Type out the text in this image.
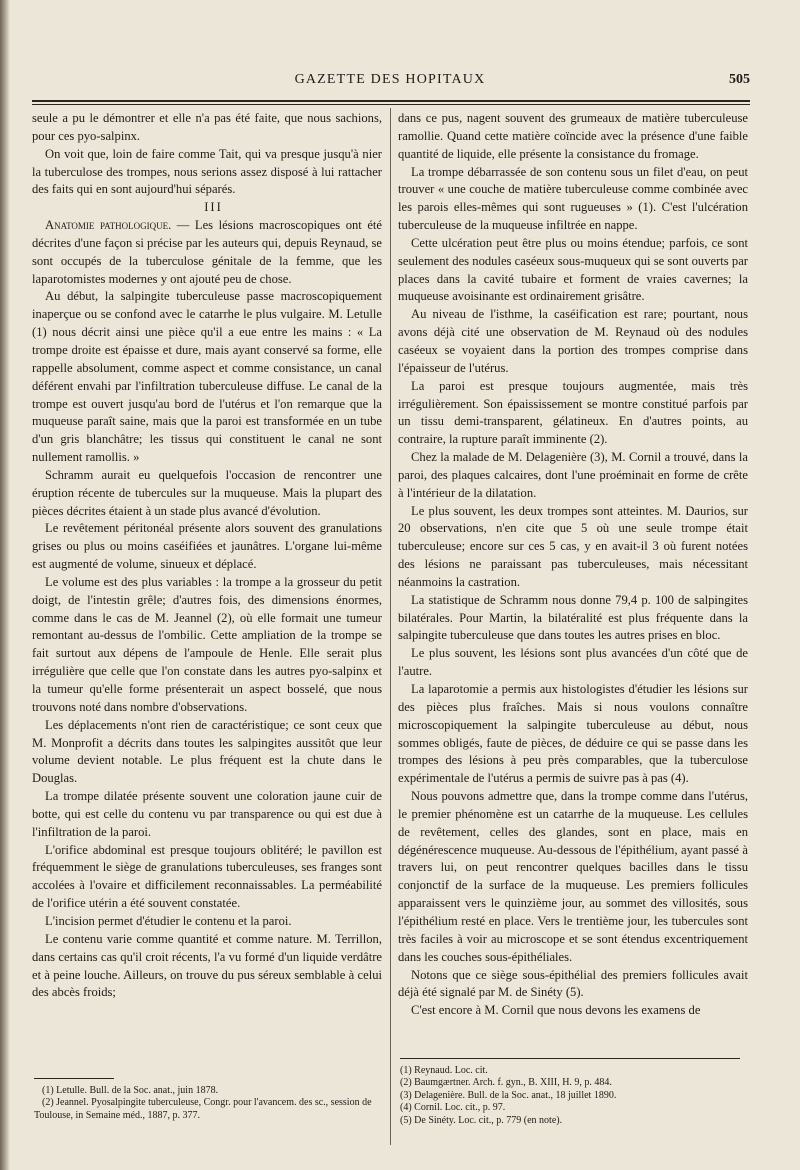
GAZETTE DES HOPITAUX	505

seule a pu le démontrer et elle n'a pas été faite, que nous sachions, pour ces pyo-salpinx.

On voit que, loin de faire comme Tait, qui va presque jusqu'à nier la tuberculose des trompes, nous serions assez disposé à lui rattacher des faits qui en sont aujourd'hui séparés.

III

Anatomie pathologique. — Les lésions macroscopiques ont été décrites d'une façon si précise par les auteurs qui, depuis Reynaud, se sont occupés de la tuberculose génitale de la femme, que les laparotomistes modernes y ont ajouté peu de chose.

Au début, la salpingite tuberculeuse passe macroscopiquement inaperçue ou se confond avec le catarrhe le plus vulgaire. M. Letulle (1) nous décrit ainsi une pièce qu'il a eue entre les mains : « La trompe droite est épaisse et dure, mais ayant conservé sa forme, elle rappelle absolument, comme aspect et comme consistance, un canal déférent envahi par l'infiltration tuberculeuse diffuse. Le canal de la trompe est ouvert jusqu'au bord de l'utérus et l'on remarque que la muqueuse paraît saine, mais que la paroi est transformée en un tube d'un gris blanchâtre; les tissus qui constituent le canal ne sont nullement ramollis. »

Schramm aurait eu quelquefois l'occasion de rencontrer une éruption récente de tubercules sur la muqueuse. Mais la plupart des pièces décrites étaient à un stade plus avancé d'évolution.

Le revêtement péritonéal présente alors souvent des granulations grises ou plus ou moins caséifiées et jaunâtres. L'organe lui-même est augmenté de volume, sinueux et déplacé.

Le volume est des plus variables : la trompe a la grosseur du petit doigt, de l'intestin grêle; d'autres fois, des dimensions énormes, comme dans le cas de M. Jeannel (2), où elle formait une tumeur remontant au-dessus de l'ombilic. Cette ampliation de la trompe se fait surtout aux dépens de l'ampoule de Henle. Elle serait plus irrégulière que celle que l'on constate dans les autres pyo-salpinx et la tumeur qu'elle forme présenterait un aspect bosselé, que nous trouvons noté dans nombre d'observations.

Les déplacements n'ont rien de caractéristique; ce sont ceux que M. Monprofit a décrits dans toutes les salpingites aussitôt que leur volume devient notable. Le plus fréquent est la chute dans le Douglas.

La trompe dilatée présente souvent une coloration jaune cuir de botte, qui est celle du contenu vu par transparence ou qui est due à l'infiltration de la paroi.

L'orifice abdominal est presque toujours oblitéré; le pavillon est fréquemment le siège de granulations tuberculeuses, ses franges sont accolées à l'ovaire et difficilement reconnaissables. La perméabilité de l'orifice utérin a été souvent constatée.

L'incision permet d'étudier le contenu et la paroi.

Le contenu varie comme quantité et comme nature. M. Terrillon, dans certains cas qu'il croit récents, l'a vu formé d'un liquide verdâtre et à peine louche. Ailleurs, on trouve du pus séreux semblable à celui des abcès froids;

dans ce pus, nagent souvent des grumeaux de matière tuberculeuse ramollie. Quand cette matière coïncide avec la présence d'une faible quantité de liquide, elle présente la consistance du fromage.

La trompe débarrassée de son contenu sous un filet d'eau, on peut trouver « une couche de matière tuberculeuse comme combinée avec les parois elles-mêmes qui sont rugueuses » (1). C'est l'ulcération tuberculeuse de la muqueuse infiltrée en nappe.

Cette ulcération peut être plus ou moins étendue; parfois, ce sont seulement des nodules caséeux sous-muqueux qui se sont ouverts par places dans la cavité tubaire et forment de vraies cavernes; la muqueuse avoisinante est ordinairement grisâtre.

Au niveau de l'isthme, la caséification est rare; pourtant, nous avons déjà cité une observation de M. Reynaud où des nodules caséeux se voyaient dans la portion des trompes comprise dans l'épaisseur de l'utérus.

La paroi est presque toujours augmentée, mais très irrégulièrement. Son épaississement se montre constitué parfois par un tissu demi-transparent, gélatineux. En d'autres points, au contraire, la rupture paraît imminente (2).

Chez la malade de M. Delagenière (3), M. Cornil a trouvé, dans la paroi, des plaques calcaires, dont l'une proéminait en forme de crête à l'intérieur de la dilatation.

Le plus souvent, les deux trompes sont atteintes. M. Daurios, sur 20 observations, n'en cite que 5 où une seule trompe était tuberculeuse; encore sur ces 5 cas, y en avait-il 3 où furent notées des lésions ne paraissant pas tuberculeuses, mais nécessitant néanmoins la castration.

La statistique de Schramm nous donne 79,4 p. 100 de salpingites bilatérales. Pour Martin, la bilatéralité est plus fréquente dans la salpingite tuberculeuse que dans toutes les autres prises en bloc.

Le plus souvent, les lésions sont plus avancées d'un côté que de l'autre.

La laparotomie a permis aux histologistes d'étudier les lésions sur des pièces plus fraîches. Mais si nous voulons connaître microscopiquement la salpingite tuberculeuse au début, nous sommes obligés, faute de pièces, de déduire ce qui se passe dans les trompes des lésions à peu près comparables, que la tuberculose expérimentale de l'utérus a permis de suivre pas à pas (4).

Nous pouvons admettre que, dans la trompe comme dans l'utérus, le premier phénomène est un catarrhe de la muqueuse. Les cellules de revêtement, celles des glandes, sont en place, mais en dégénérescence muqueuse. Au-dessous de l'épithélium, ayant passé à travers lui, on peut rencontrer quelques bacilles dans le tissu conjonctif de la surface de la muqueuse. Les premiers follicules apparaissent vers le quinzième jour, au sommet des villosités, sous l'épithélium resté en place. Vers le trentième jour, les tubercules sont très faciles à voir au microscope et se sont étendus excentriquement dans les couches sous-épithéliales.

Notons que ce siège sous-épithélial des premiers follicules avait déjà été signalé par M. de Sinéty (5).

C'est encore à M. Cornil que nous devons les examens de

(1) Letulle. Bull. de la Soc. anat., juin 1878.

(2) Jeannel. Pyosalpingite tuberculeuse, Congr. pour l'avancem. des sc., session de Toulouse, in Semaine méd., 1887, p. 377.

(1) Reynaud. Loc. cit.

(2) Baumgærtner. Arch. f. gyn., B. XIII, H. 9, p. 484.

(3) Delagenière. Bull. de la Soc. anat., 18 juillet 1890.

(4) Cornil. Loc. cit., p. 97.

(5) De Sinéty. Loc. cit., p. 779 (en note).
